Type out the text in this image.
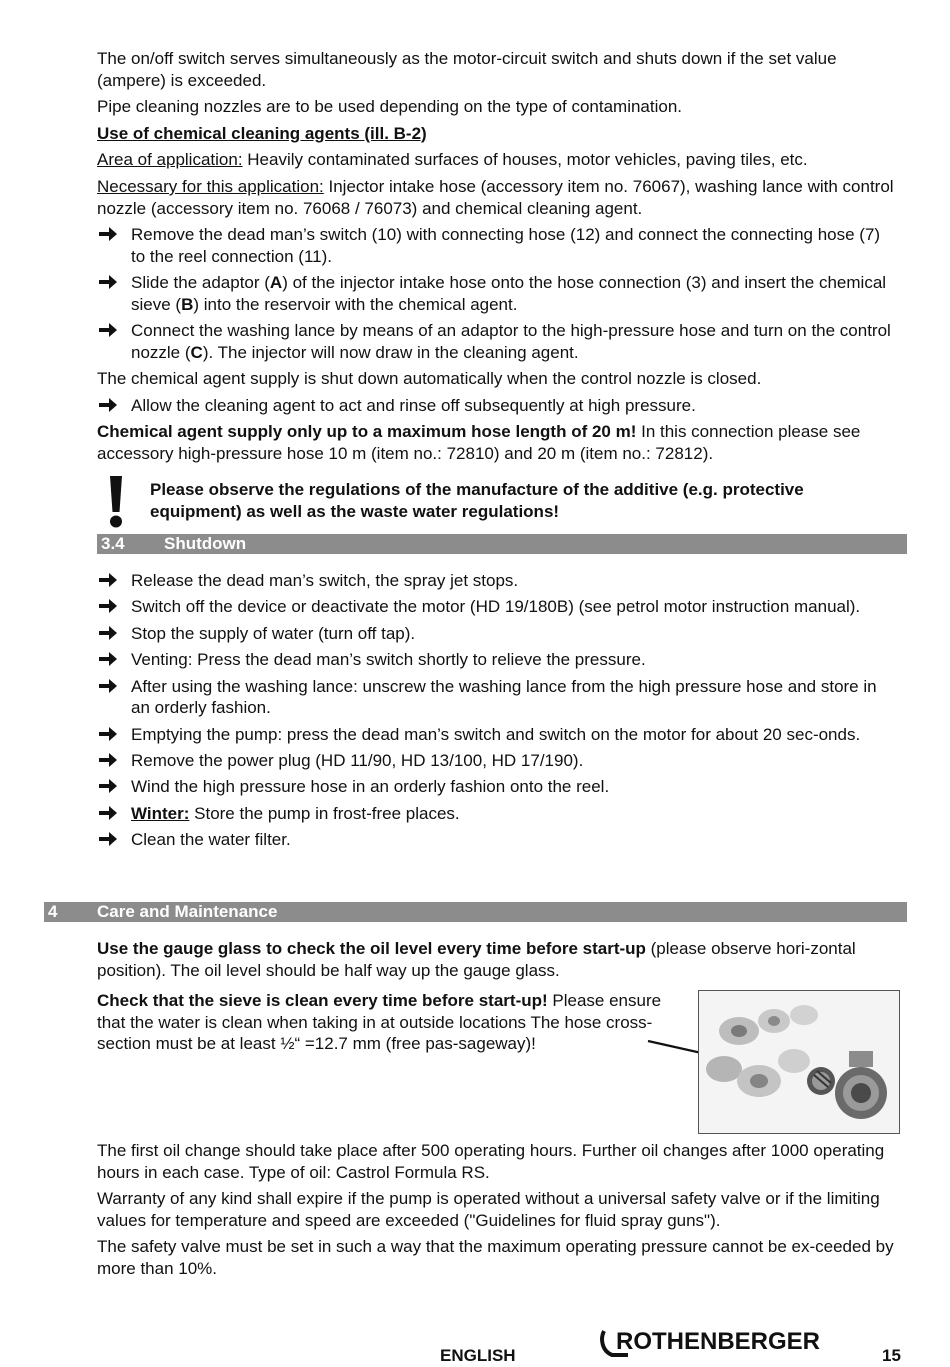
The on/off switch serves simultaneously as the motor-circuit switch and shuts down if the set value (ampere) is exceeded.

Pipe cleaning nozzles are to be used depending on the type of contamination.

Use of chemical cleaning agents (ill. B-2)

Area of application: Heavily contaminated surfaces of houses, motor vehicles, paving tiles, etc.

Necessary for this application: Injector intake hose (accessory item no. 76067), washing lance with control nozzle (accessory item no. 76068 / 76073) and chemical cleaning agent.

Remove the dead man’s switch (10) with connecting hose (12) and connect the connecting hose (7) to the reel connection (11).
Slide the adaptor (A) of the injector intake hose onto the hose connection (3) and insert the chemical sieve (B) into the reservoir with the chemical agent.
Connect the washing lance by means of an adaptor to the high-pressure hose and turn on the control nozzle (C). The injector will now draw in the cleaning agent.

The chemical agent supply is shut down automatically when the control nozzle is closed.

Allow the cleaning agent to act and rinse off subsequently at high pressure.

Chemical agent supply only up to a maximum hose length of 20 m! In this connection please see accessory high-pressure hose 10 m (item no.: 72810) and 20 m (item no.: 72812).

Please observe the regulations of the manufacture of the additive (e.g. protective equipment) as well as the waste water regulations!
3.4 Shutdown
Release the dead man’s switch, the spray jet stops.
Switch off the device or deactivate the motor (HD 19/180B) (see petrol motor instruction manual).
Stop the supply of water (turn off tap).
Venting: Press the dead man’s switch shortly to relieve the pressure.
After using the washing lance: unscrew the washing lance from the high pressure hose and store in an orderly fashion.
Emptying the pump: press the dead man’s switch and switch on the motor for about 20 sec-onds.
Remove the power plug (HD 11/90, HD 13/100, HD 17/190).
Wind the high pressure hose in an orderly fashion onto the reel.
Winter: Store the pump in frost-free places.
Clean the water filter.
4 Care and Maintenance

Use the gauge glass to check the oil level every time before start-up (please observe hori-zontal position). The oil level should be half way up the gauge glass.

Check that the sieve is clean every time before start-up! Please ensure that the water is clean when taking in at outside locations The hose cross-section must be at least ½“ =12.7 mm (free pas-sageway)!

The first oil change should take place after 500 operating hours. Further oil changes after 1000 operating hours in each case. Type of oil: Castrol Formula RS.

Warranty of any kind shall expire if the pump is operated without a universal safety valve or if the limiting values for temperature and speed are exceeded ("Guidelines for fluid spray guns").

The safety valve must be set in such a way that the maximum operating pressure cannot be ex-ceeded by more than 10%.

ENGLISH
ROTHENBERGER
15
